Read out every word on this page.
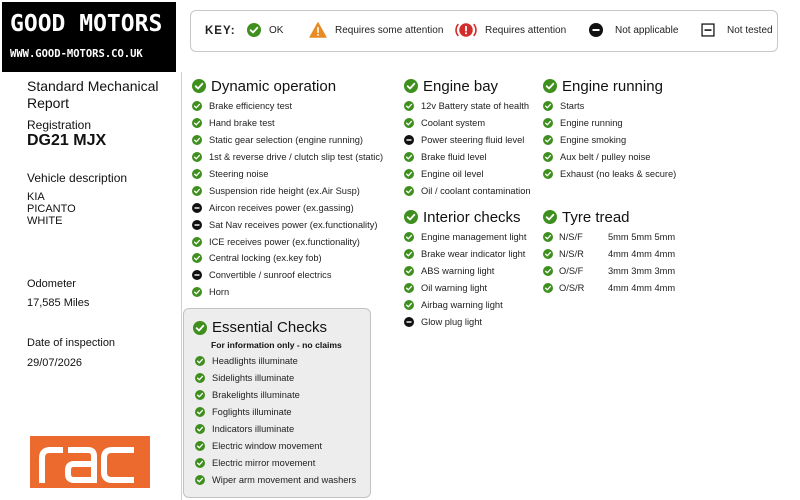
GOOD MOTORS
WWW.GOOD-MOTORS.CO.UK
Standard Mechanical Report
Registration
DG21 MJX
Vehicle description
KIA
PICANTO
WHITE
Odometer
17,585 Miles
Date of inspection
29/07/2026
KEY:	OK	Requires some attention	Requires attention	Not applicable	Not tested
Dynamic operation
Brake efficiency test
Hand brake test
Static gear selection (engine running)
1st & reverse drive / clutch slip test (static)
Steering noise
Suspension ride height (ex.Air Susp)
Aircon receives power (ex.gassing)
Sat Nav receives power (ex.functionality)
ICE receives power (ex.functionality)
Central locking (ex.key fob)
Convertible / sunroof electrics
Horn
Engine bay
12v Battery state of health
Coolant system
Power steering fluid level
Brake fluid level
Engine oil level
Oil / coolant contamination
Engine running
Starts
Engine running
Engine smoking
Aux belt / pulley noise
Exhaust (no leaks & secure)
Interior checks
Engine management light
Brake wear indicator light
ABS warning light
Oil warning light
Airbag warning light
Glow plug light
Tyre tread
N/S/F	5mm 5mm 5mm
N/S/R	4mm 4mm 4mm
O/S/F	3mm 3mm 3mm
O/S/R	4mm 4mm 4mm
Essential Checks
For information only - no claims
Headlights illuminate
Sidelights illuminate
Brakelights illuminate
Foglights illuminate
Indicators illuminate
Electric window movement
Electric mirror movement
Wiper arm movement and washers
